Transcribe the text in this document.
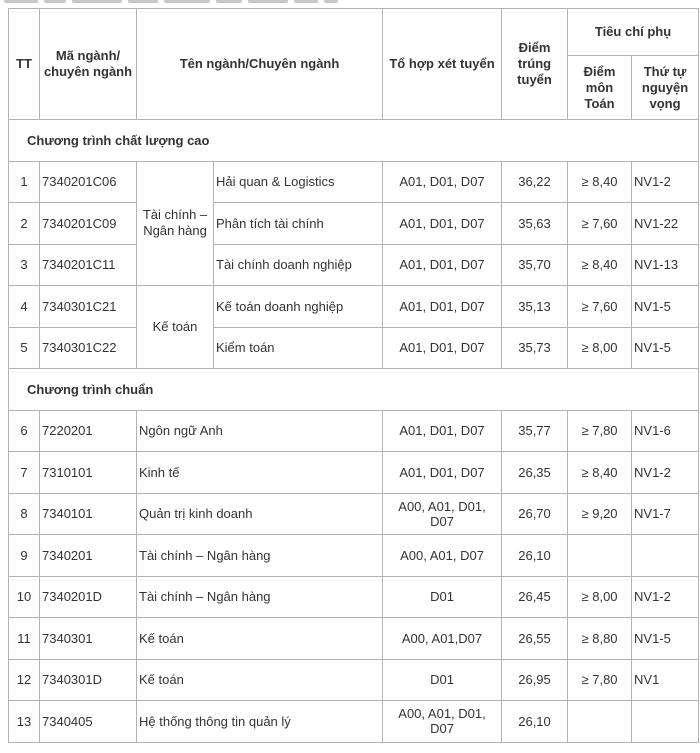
TT	Mã ngành/ chuyên ngành	Tên ngành/Chuyên ngành		Tổ hợp xét tuyển	Điểm trúng tuyển	Tiêu chí phụ	
						Điểm môn Toán	Thứ tự nguyện vọng
Chương trình chất lượng cao							
1	7340201C06	Tài chính – Ngân hàng	Hải quan & Logistics	A01, D01, D07	36,22	≥ 8,40	NV1-2
2	7340201C09		Phân tích tài chính	A01, D01, D07	35,63	≥ 7,60	NV1-22
3	7340201C11		Tài chính doanh nghiệp	A01, D01, D07	35,70	≥ 8,40	NV1-13
4	7340301C21	Kế toán	Kế toán doanh nghiệp	A01, D01, D07	35,13	≥ 7,60	NV1-5
5	7340301C22		Kiểm toán	A01, D01, D07	35,73	≥ 8,00	NV1-5
Chương trình chuẩn							
6	7220201	Ngôn ngữ Anh		A01, D01, D07	35,77	≥ 7,80	NV1-6
7	7310101	Kinh tế		A01, D01, D07	26,35	≥ 8,40	NV1-2
8	7340101	Quản trị kinh doanh		A00, A01, D01, D07	26,70	≥ 9,20	NV1-7
9	7340201	Tài chính – Ngân hàng		A00, A01, D07	26,10		
10	7340201D	Tài chính – Ngân hàng		D01	26,45	≥ 8,00	NV1-2
11	7340301	Kế toán		A00, A01,D07	26,55	≥ 8,80	NV1-5
12	7340301D	Kế toán		D01	26,95	≥ 7,80	NV1
13	7340405	Hệ thống thông tin quản lý		A00, A01, D01, D07	26,10		
